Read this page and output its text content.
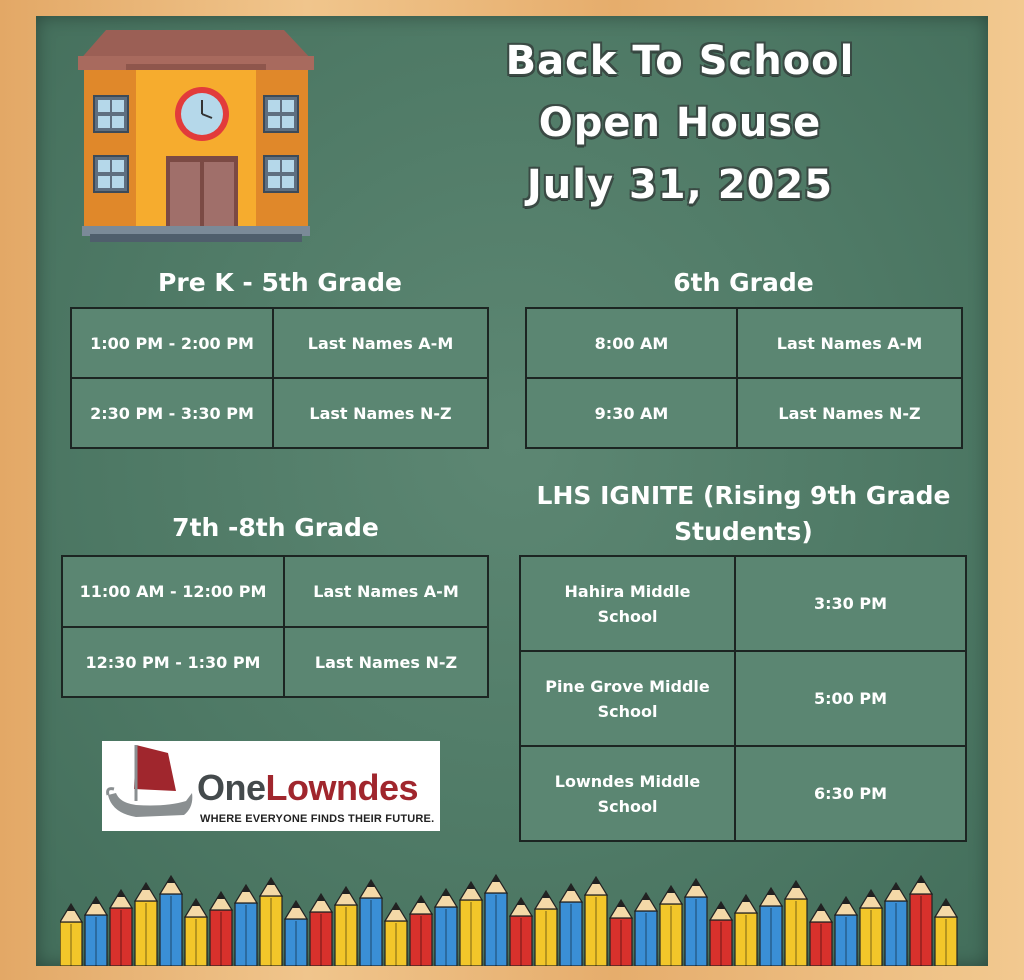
Back To School
Open House
July 31, 2025
Pre K - 5th Grade
1:00 PM - 2:00 PM	Last Names A-M
2:30 PM - 3:30 PM	Last Names N-Z
6th Grade
8:00 AM	Last Names A-M
9:30 AM	Last Names N-Z
7th -8th Grade
11:00 AM - 12:00 PM	Last Names A-M
12:30 PM - 1:30 PM	Last Names N-Z
LHS IGNITE (Rising 9th Grade
Students)
Hahira Middle
School	3:30 PM

Pine Grove Middle
School	5:00 PM

Lowndes Middle
School	6:30 PM
OneLowndes
WHERE EVERYONE FINDS THEIR FUTURE.
